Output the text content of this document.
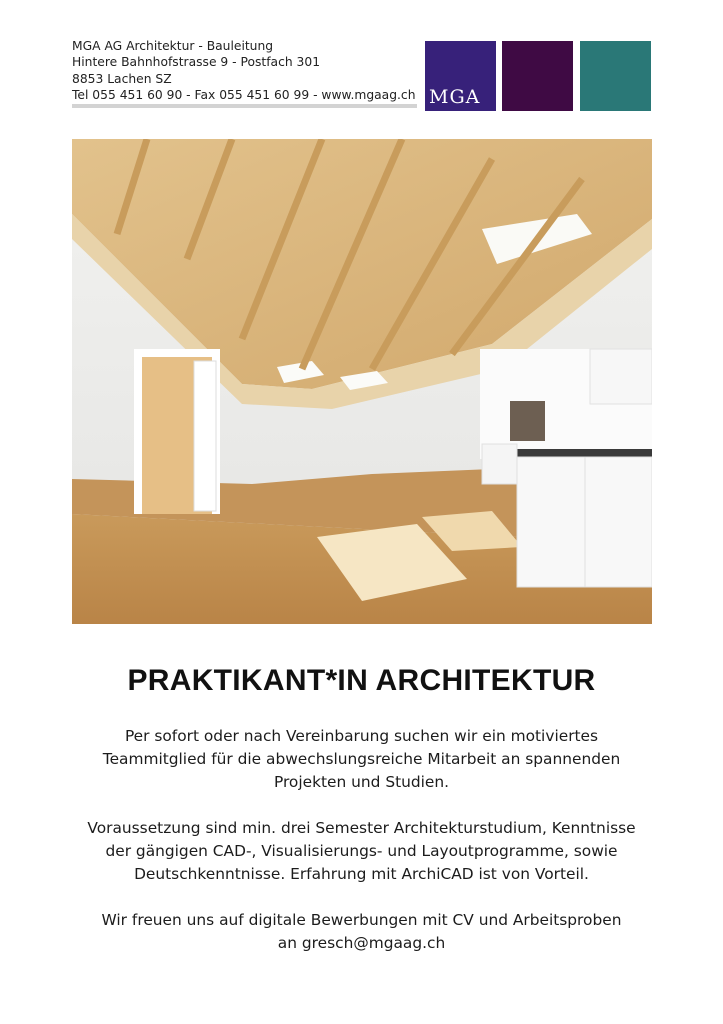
MGA AG Architektur - Bauleitung
Hintere Bahnhofstrasse 9 - Postfach 301
8853 Lachen SZ
Tel 055 451 60 90 - Fax 055 451 60 99 - www.mgaag.ch MGA
PRAKTIKANT*IN ARCHITEKTUR
Per sofort oder nach Vereinbarung suchen wir ein motiviertes
Teammitglied für die abwechslungsreiche Mitarbeit an spannenden
Projekten und Studien.
Voraussetzung sind min. drei Semester Architekturstudium, Kenntnisse
der gängigen CAD-, Visualisierungs- und Layoutprogramme, sowie
Deutschkenntnisse. Erfahrung mit ArchiCAD ist von Vorteil.
Wir freuen uns auf digitale Bewerbungen mit CV und Arbeitsproben
an gresch@mgaag.ch
